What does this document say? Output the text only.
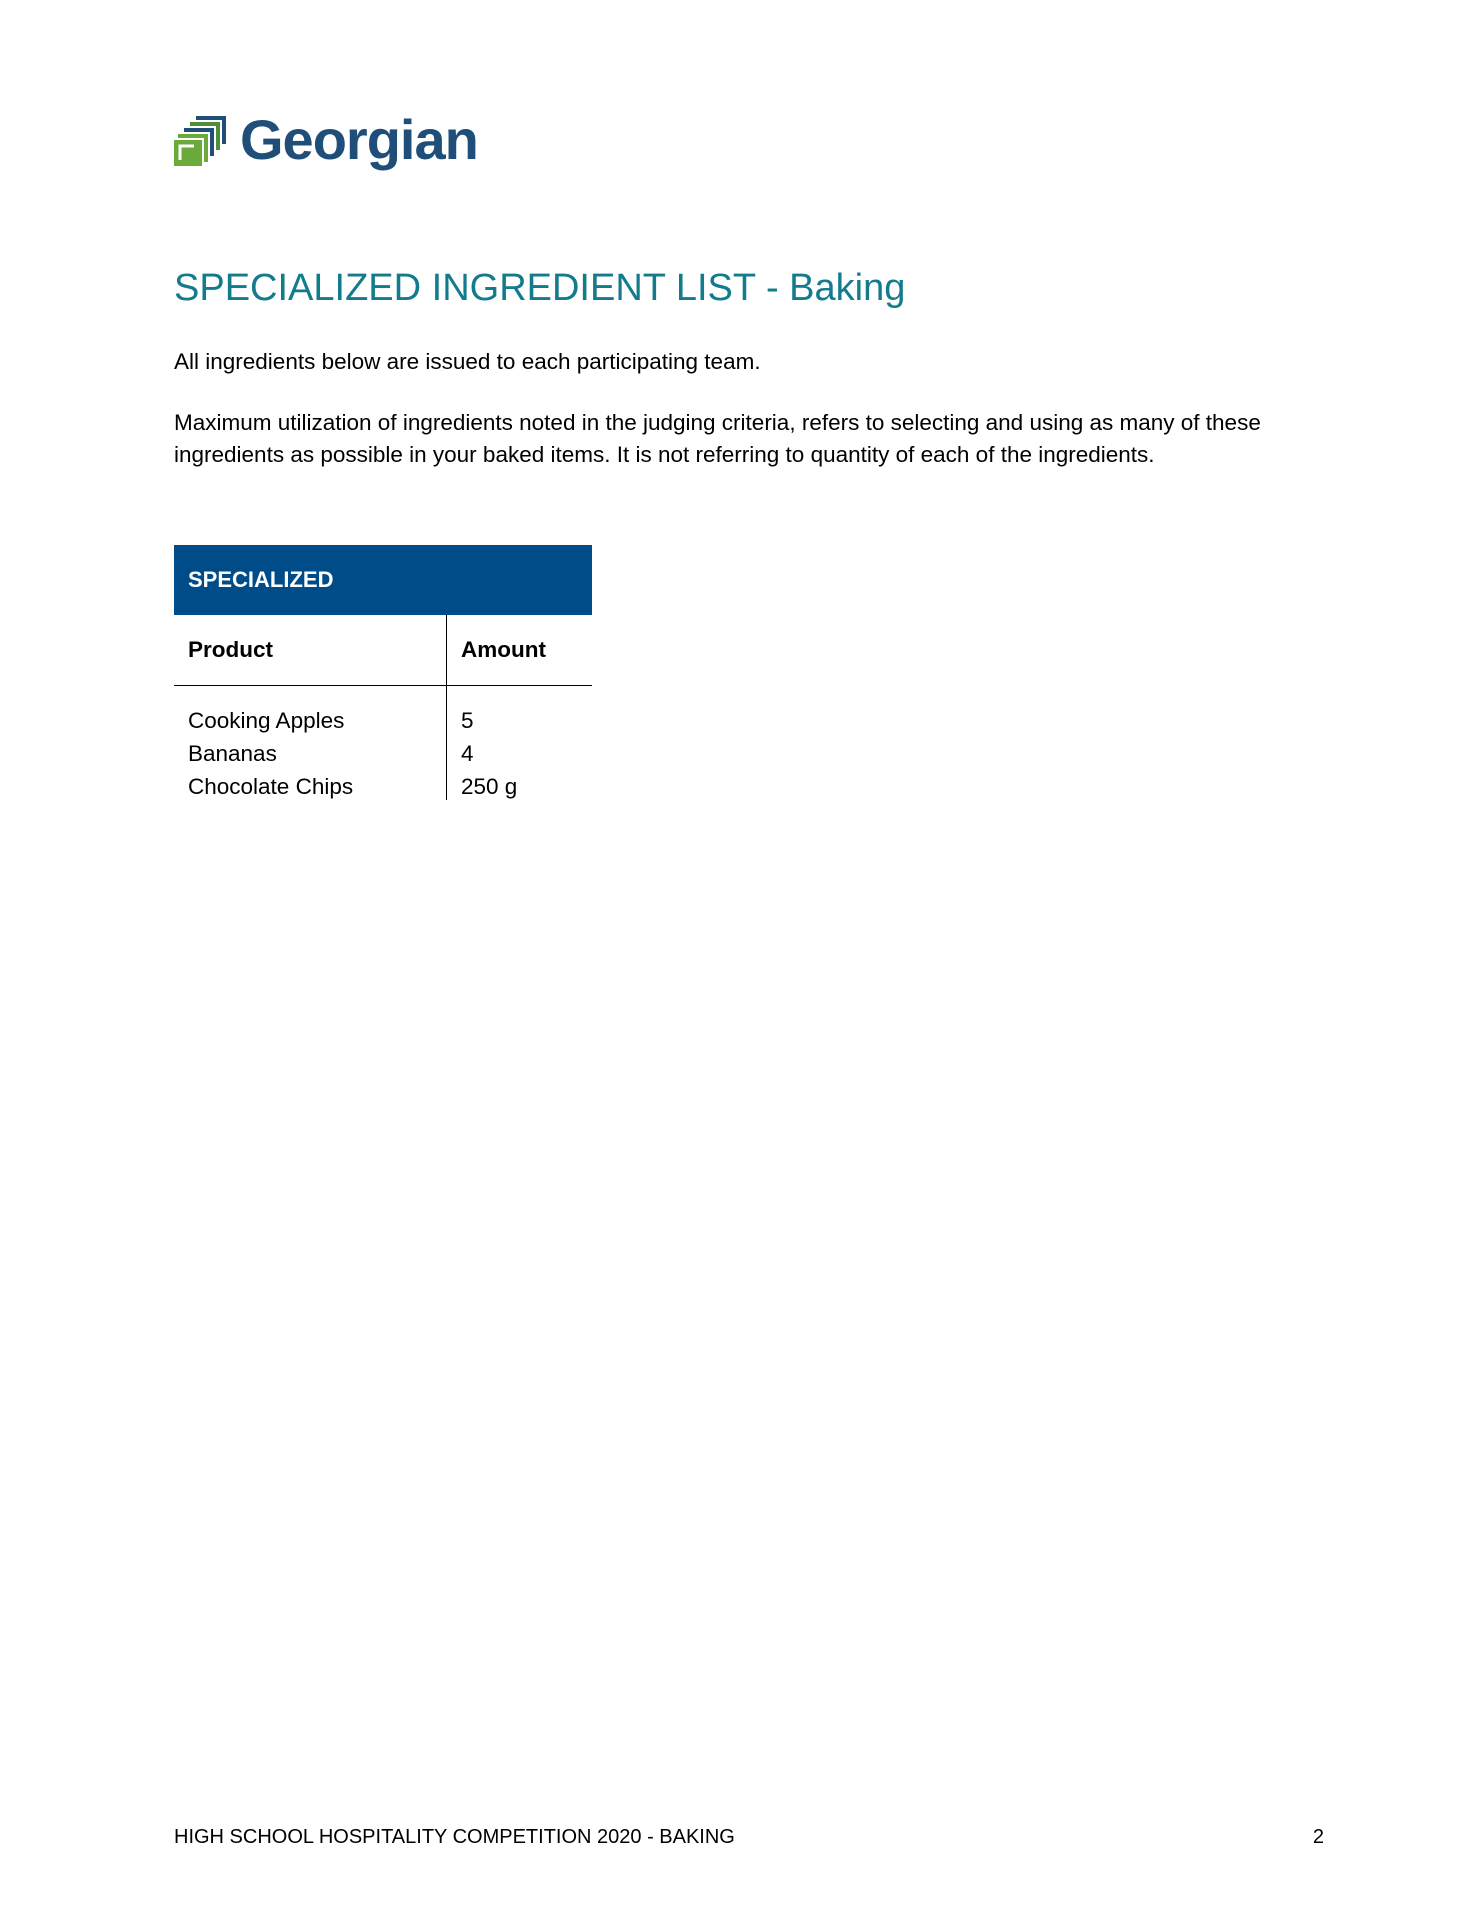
Georgian
SPECIALIZED INGREDIENT LIST - Baking
All ingredients below are issued to each participating team.
Maximum utilization of ingredients noted in the judging criteria, refers to selecting and using as many of these ingredients as possible in your baked items. It is not referring to quantity of each of the ingredients.
SPECIALIZED	
Product	Amount
Cooking Apples	5
Bananas	4
Chocolate Chips	250 g
HIGH SCHOOL HOSPITALITY COMPETITION 2020 - BAKING	2
